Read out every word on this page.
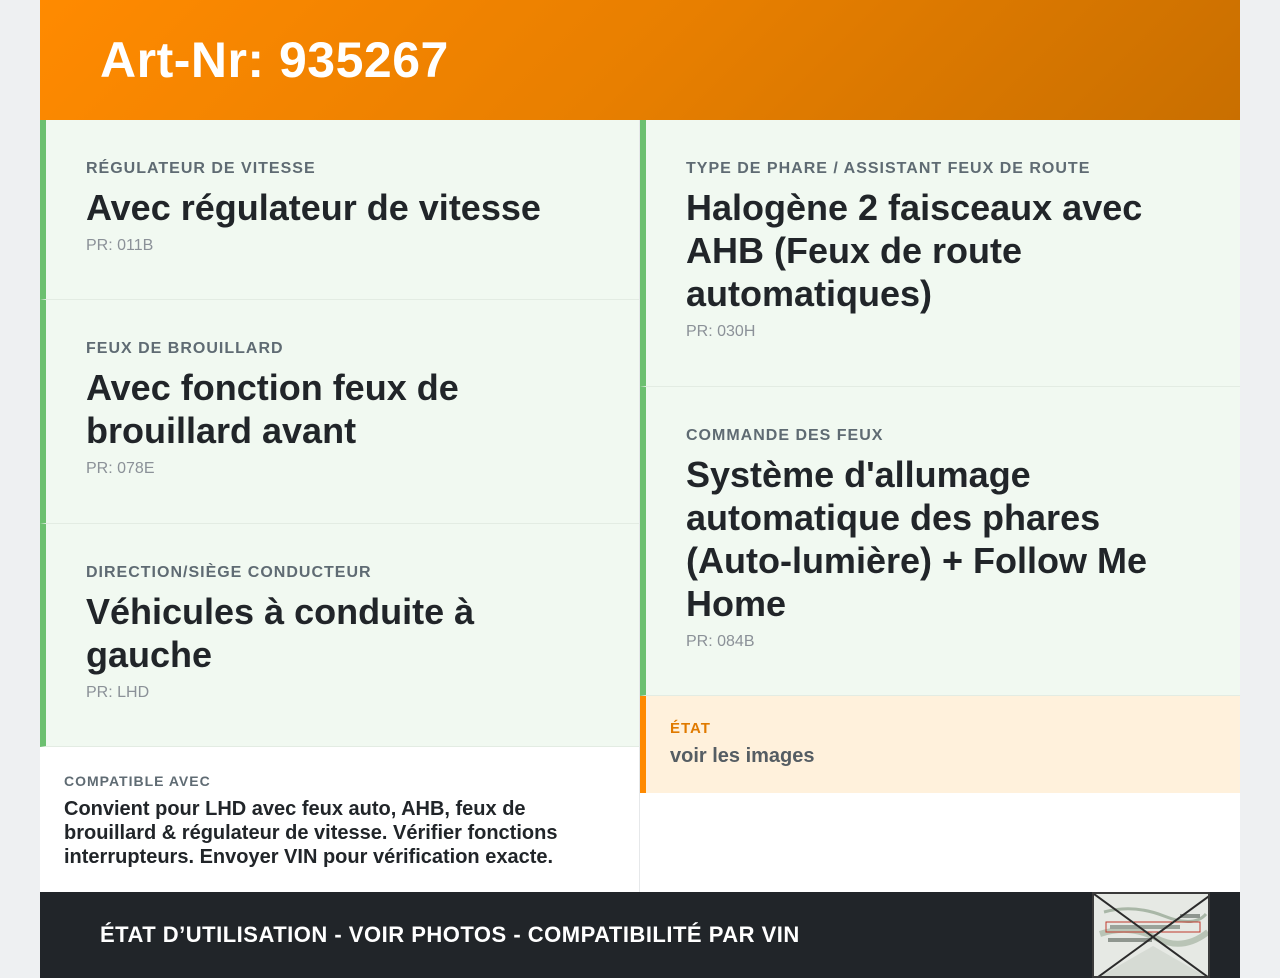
Art-Nr: 935267
RÉGULATEUR DE VITESSE
Avec régulateur de vitesse
PR: 011B
FEUX DE BROUILLARD
Avec fonction feux de brouillard avant
PR: 078E
DIRECTION/SIÈGE CONDUCTEUR
Véhicules à conduite à gauche
PR: LHD
COMPATIBLE AVEC
Convient pour LHD avec feux auto, AHB, feux de brouillard & régulateur de vitesse. Vérifier fonctions interrupteurs. Envoyer VIN pour vérification exacte.
TYPE DE PHARE / ASSISTANT FEUX DE ROUTE
Halogène 2 faisceaux avec AHB (Feux de route automatiques)
PR: 030H
COMMANDE DES FEUX
Système d'allumage automatique des phares (Auto-lumière) + Follow Me Home
PR: 084B
ÉTAT
voir les images
ÉTAT D’UTILISATION - VOIR PHOTOS - COMPATIBILITÉ PAR VIN
